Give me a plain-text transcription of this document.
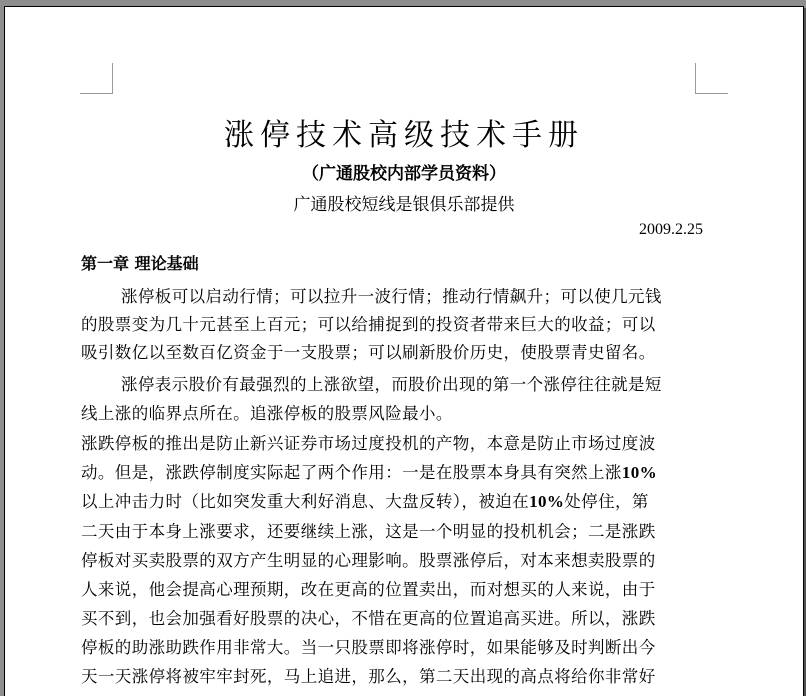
涨停技术高级技术手册
（广通股校内部学员资料）
广通股校短线是银俱乐部提供
2009.2.25
第一章 理论基础
涨停板可以启动行情；可以拉升一波行情；推动行情飙升；可以使几元钱
的股票变为几十元甚至上百元；可以给捕捉到的投资者带来巨大的收益；可以
吸引数亿以至数百亿资金于一支股票；可以刷新股价历史，使股票青史留名。
涨停表示股价有最强烈的上涨欲望，而股价出现的第一个涨停往往就是短
线上涨的临界点所在。追涨停板的股票风险最小。
涨跌停板的推出是防止新兴证券市场过度投机的产物，本意是防止市场过度波
动。但是，涨跌停制度实际起了两个作用：一是在股票本身具有突然上涨10%
以上冲击力时（比如突发重大利好消息、大盘反转），被迫在10%处停住，第
二天由于本身上涨要求，还要继续上涨，这是一个明显的投机机会；二是涨跌
停板对买卖股票的双方产生明显的心理影响。股票涨停后，对本来想卖股票的
人来说，他会提高心理预期，改在更高的位置卖出，而对想买的人来说，由于
买不到，也会加强看好股票的决心，不惜在更高的位置追高买进。所以，涨跌
停板的助涨助跌作用非常大。当一只股票即将涨停时，如果能够及时判断出今
天一天涨停将被牢牢封死，马上追进，那么，第二天出现的高点将给你非常好
